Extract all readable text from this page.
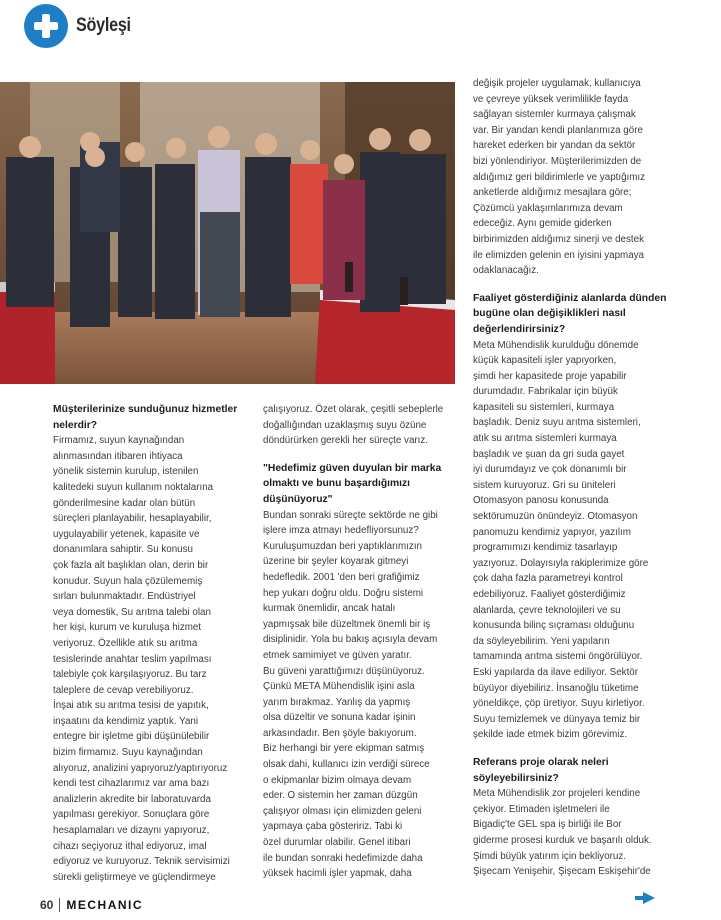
Söyleşi

Müşterilerinize sunduğunuz hizmetler nelerdir?

Firmamız, suyun kaynağından

alınmasından itibaren ihtiyaca

yönelik sistemin kurulup, istenilen

kalitedeki suyun kullanım noktalarına

gönderilmesine kadar olan bütün

süreçleri planlayabilir, hesaplayabilir,

uygulayabilir yetenek, kapasite ve

donanımlara sahiptir. Su konusu

çok fazla alt başlıklan olan, derin bir

konudur. Suyun hala çözülememiş

sırları bulunmaktadır. Endüstriyel

veya domestik, Su arıtma talebi olan

her kişi, kurum ve kuruluşa hizmet

veriyoruz. Özellikle atık su arıtma

tesislerinde anahtar teslim yapılması

talebiyle çok karşılaşıyoruz. Bu tarz

taleplere de cevap verebiliyoruz.

İnşai atık su arıtma tesisi de yapıtık,

inşaatını da kendimiz yaptık. Yani

entegre bir işletme gibi düşünülebilir

bizim firmamız. Suyu kaynağından

alıyoruz, analizini yapıyoruz/yaptırıyoruz

kendi test cihazlarımız var ama bazı

analizlerin akredite bir laboratuvarda

yapılması gerekiyor. Sonuçlara göre

hesaplamaları ve dizaynı yapıyoruz,

cihazı seçiyoruz ithal ediyoruz, imal

ediyoruz ve kuruyoruz. Teknik servisimizi

sürekli geliştirmeye ve güçlendirmeye

çalışıyoruz. Özet olarak, çeşitli sebeplerle

doğallığından uzaklaşmış suyu özüne

döndürürken gerekli her süreçte varız.

"Hedefimiz güven duyulan bir marka olmaktı ve bunu başardığımızı düşünüyoruz"

Bundan sonraki süreçte sektörde ne gibi

işlere imza atmayı hedefliyorsunuz?

Kuruluşumuzdan beri yaptıklarımızın

üzerine bir şeyler koyarak gitmeyi

hedefledik. 2001 'den beri grafiğimiz

hep yukarı doğru oldu. Doğru sistemi

kurmak önemlidir, ancak hatalı

yapmışsak bile düzeltmek önemli bir iş

disiplinidir. Yola bu bakış açısıyla devam

etmek samimiyet ve güven yaratır.

Bu güveni yarattığımızı düşünüyoruz.

Çünkü META Mühendislik işini asla

yarım bırakmaz. Yanlış da yapmış

olsa düzeltir ve sonuna kadar işinin

arkasındadır. Ben şöyle bakıyorum.

Biz herhangi bir yere ekipman satmış

olsak dahi, kullanıcı izin verdiği sürece

o ekipmanlar bizim olmaya devam

eder. O sistemin her zaman düzgün

çalışıyor olması için elimizden geleni

yapmaya çaba gösteririz. Tabi ki

özel durumlar olabilir. Genel itibari

ile bundan sonraki hedefimizde daha

yüksek hacimli işler yapmak, daha

değişik projeler uygulamak, kullanıcıya

ve çevreye yüksek verimlilikle fayda

sağlayan sistemler kurmaya çalışmak

var. Bir yandan kendi planlarımıza göre

hareket ederken bir yandan da sektör

bizi yönlendiriyor. Müşterilerimizden de

aldığımız geri bildirimlerle ve yaptığımız

anketlerde aldığımız mesajlara göre;

Çözümcü yaklaşımlarımıza devam

edeceğiz. Aynı gemide giderken

birbirimizden aldığımız sinerji ve destek

ile elimizden gelenin en iyisini yapmaya

odaklanacağız.

Faaliyet gösterdiğiniz alanlarda dünden bugüne olan değişiklikleri nasıl değerlendirirsiniz?

Meta Mühendislik kurulduğu dönemde

küçük kapasiteli işler yapıyorken,

şimdi her kapasitede proje yapabilir

durumdadır. Fabrikalar için büyük

kapasiteli su sistemleri, kurmaya

başladık. Deniz suyu arıtma sistemleri,

atık su arıtma sistemleri kurmaya

başladık ve şuan da gri suda gayet

iyi durumdayız ve çok donanımlı bir

sistem kuruyoruz. Gri su üniteleri

Otomasyon panosu konusunda

sektörumuzün önündeyiz. Otomasyon

panomuzu kendimiz yapıyor, yazılım

programımızı kendimiz tasarlayıp

yazıyoruz. Dolayısıyla rakiplerimize göre

çok daha fazla parametreyi kontrol

edebiliyoruz. Faaliyet gösterdiğimiz

alanlarda, çevre teknolojileri ve su

konusunda bilinç sıçraması olduğunu

da söyleyebilirim. Yeni yapıların

tamamında arıtma sistemi öngörülüyor.

Eski yapılarda da ilave ediliyor. Sektör

büyüyor diyebiliriz. İnsanoğlu tüketime

yöneldikçe, çöp üretiyor. Suyu kirletiyor.

Suyu temizlemek ve dünyaya temiz bir

şekilde iade etmek bizim görevimiz.

Referans proje olarak neleri söyleyebilirsiniz?

Meta Mühendislik zor projeleri kendine

çekiyor. Etimaden işletmeleri ile

Bigadiç'te GEL spa iş birliği ile Bor

giderme prosesi kurduk ve başarılı olduk.

Şimdi büyük yatırım için bekliyoruz.

Şişecam Yenişehir, Şişecam Eskişehir'de

60 MECHANIC
